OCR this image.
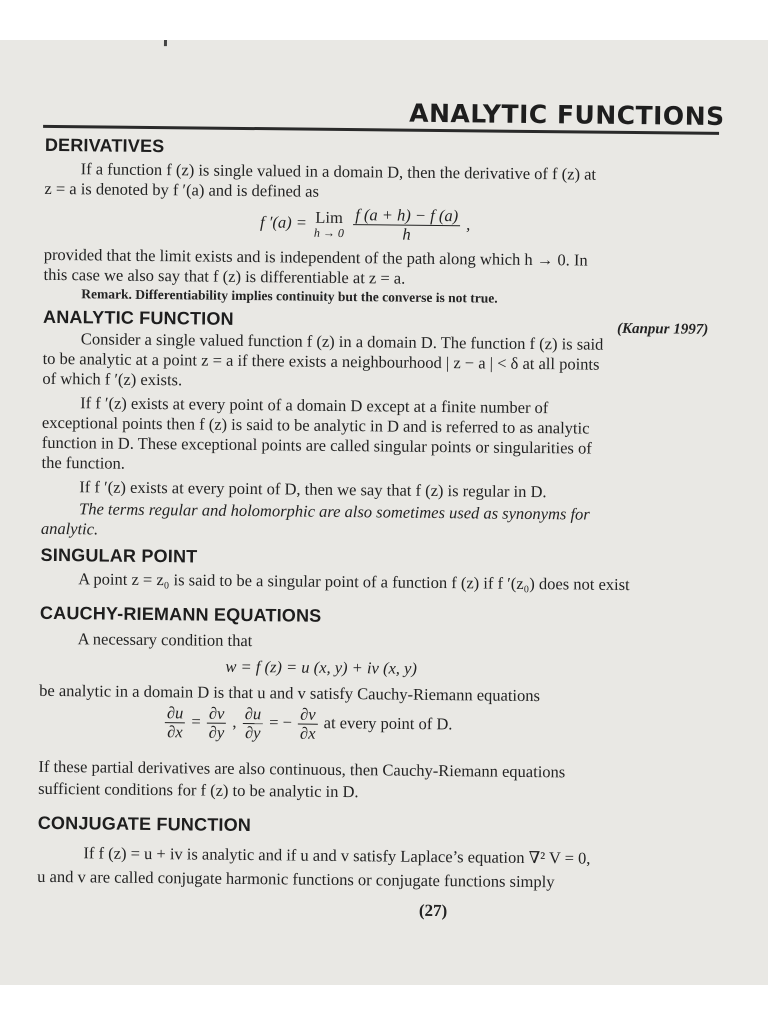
ANALYTIC FUNCTIONS
DERIVATIVES
If a function f (z) is single valued in a domain D, then the derivative of f (z) at
z = a is denoted by f ′(a) and is defined as
f ′(a) = Lim
h → 0
$\frac{f (a + h) - f (a)}{h}$ ,
provided that the limit exists and is independent of the path along which h → 0. In
this case we also say that f (z) is differentiable at z = a.
Remark. Differentiability implies continuity but the converse is not true.
ANALYTIC FUNCTION
(Kanpur 1997)
Consider a single valued function f (z) in a domain D. The function f (z) is said
to be analytic at a point z = a if there exists a neighbourhood | z − a | < δ at all points
of which f ′(z) exists.
If f ′(z) exists at every point of a domain D except at a finite number of
exceptional points then f (z) is said to be analytic in D and is referred to as analytic
function in D. These exceptional points are called singular points or singularities of
the function.
If f ′(z) exists at every point of D, then we say that f (z) is regular in D.
The terms regular and holomorphic are also sometimes used as synonyms for
analytic.
SINGULAR POINT
A point z = z₀ is said to be a singular point of a function f (z) if f ′(z₀) does not exist
CAUCHY-RIEMANN EQUATIONS
A necessary condition that
w = f (z) = u (x, y) + iv (x, y)
be analytic in a domain D is that u and v satisfy Cauchy-Riemann equations
$\frac{\partial u}{\partial x} = \frac{\partial v}{\partial y}$ , $\frac{\partial u}{\partial y}$ = − $\frac{\partial v}{\partial x}$ at every point of D.
If these partial derivatives are also continuous, then Cauchy-Riemann equations
sufficient conditions for f (z) to be analytic in D.
CONJUGATE FUNCTION
If f (z) = u + iv is analytic and if u and v satisfy Laplace’s equation ∇² V = 0,
u and v are called conjugate harmonic functions or conjugate functions simply
(27)
